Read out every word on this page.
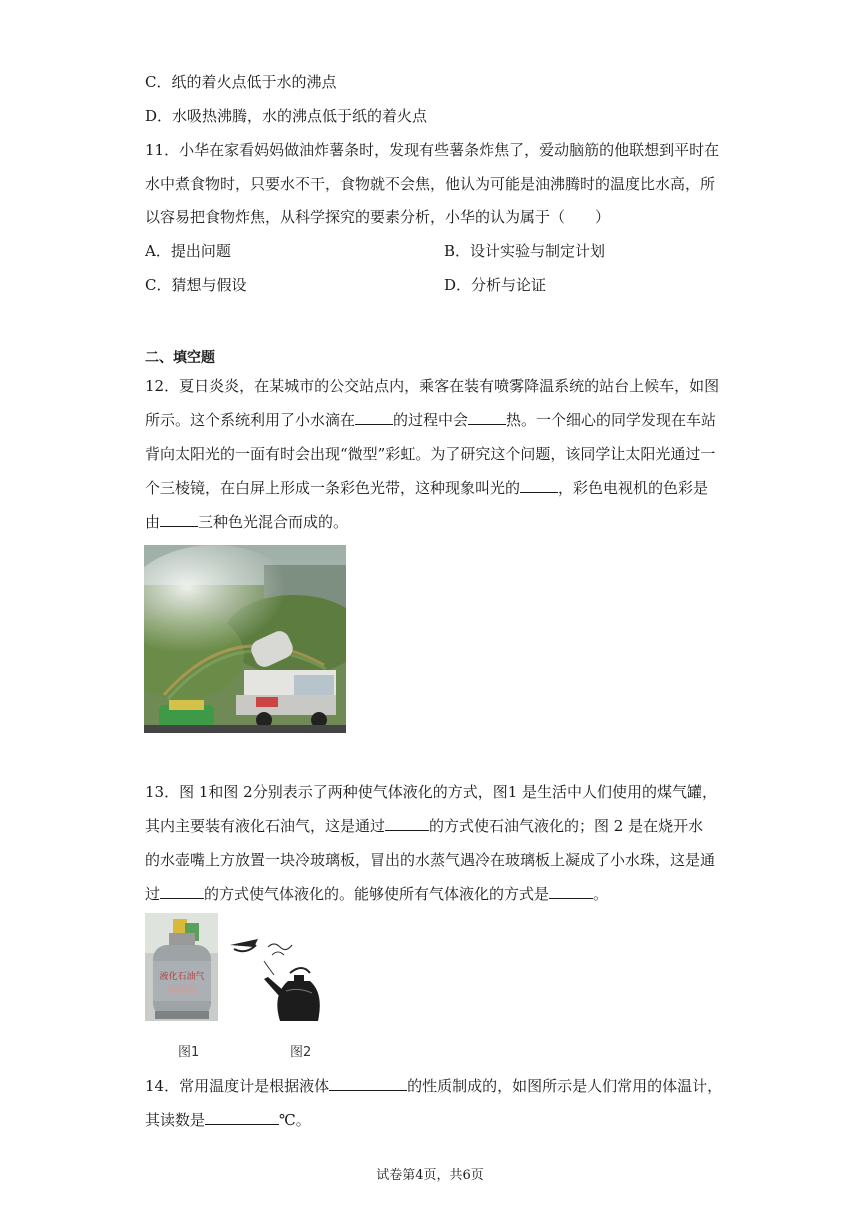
C．纸的着火点低于水的沸点
D．水吸热沸腾，水的沸点低于纸的着火点
11．小华在家看妈妈做油炸薯条时，发现有些薯条炸焦了，爱动脑筋的他联想到平时在
水中煮食物时，只要水不干，食物就不会焦，他认为可能是油沸腾时的温度比水高，所
以容易把食物炸焦，从科学探究的要素分析，小华的认为属于（　　）
A．提出问题	B．设计实验与制定计划
C．猜想与假设	D．分析与论证
二、填空题
12．夏日炎炎，在某城市的公交站点内，乘客在装有喷雾降温系统的站台上候车，如图
所示。这个系统利用了小水滴在	的过程中会	热。一个细心的同学发现在车站
背向太阳光的一面有时会出现“微型”彩虹。为了研究这个问题，该同学让太阳光通过一
个三棱镜，在白屏上形成一条彩色光带，这种现象叫光的	，彩色电视机的色彩是
由	三种色光混合而成的。
13．图 1和图 2分别表示了两种使气体液化的方式，图1 是生活中人们使用的煤气罐，
其内主要装有液化石油气，这是通过	的方式使石油气液化的；图 2 是在烧开水
的水壶嘴上方放置一块冷玻璃板，冒出的水蒸气遇冷在玻璃板上凝成了小水珠，这是通
过	的方式使气体液化的。能够使所有气体液化的方式是	。
液化石油气
图1	图2
14．常用温度计是根据液体	的性质制成的，如图所示是人们常用的体温计，
其读数是	℃。
试卷第4页，共6页
